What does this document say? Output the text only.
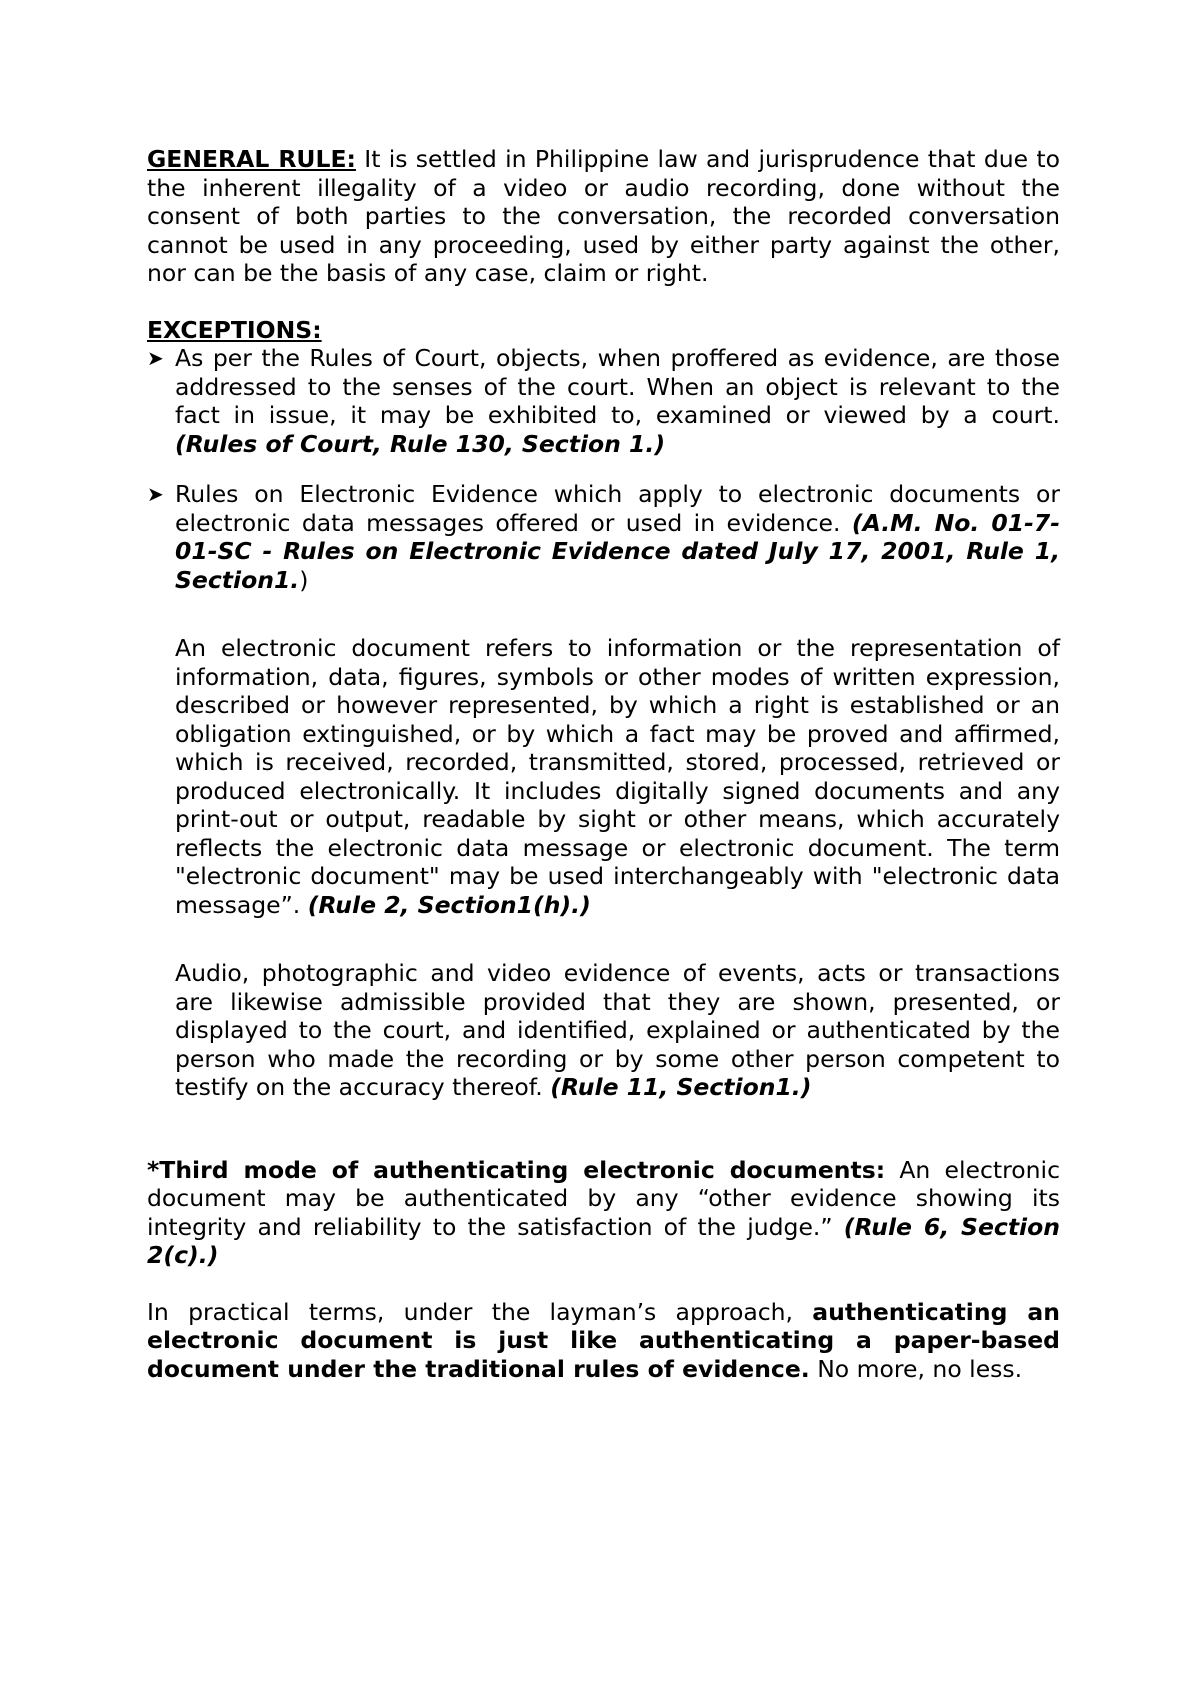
GENERAL RULE: It is settled in Philippine law and jurisprudence that due to the inherent illegality of a video or audio recording, done without the consent of both parties to the conversation, the recorded conversation cannot be used in any proceeding, used by either party against the other, nor can be the basis of any case, claim or right.

EXCEPTIONS:

➤ As per the Rules of Court, objects, when proffered as evidence, are those addressed to the senses of the court. When an object is relevant to the fact in issue, it may be exhibited to, examined or viewed by a court. (Rules of Court, Rule 130, Section 1.)

➤ Rules on Electronic Evidence which apply to electronic documents or electronic data messages offered or used in evidence. (A.M. No. 01-7-01-SC - Rules on Electronic Evidence dated July 17, 2001, Rule 1, Section1.)

An electronic document refers to information or the representation of information, data, figures, symbols or other modes of written expression, described or however represented, by which a right is established or an obligation extinguished, or by which a fact may be proved and affirmed, which is received, recorded, transmitted, stored, processed, retrieved or produced electronically. It includes digitally signed documents and any print-out or output, readable by sight or other means, which accurately reflects the electronic data message or electronic document. The term "electronic document" may be used interchangeably with "electronic data message”. (Rule 2, Section1(h).)

Audio, photographic and video evidence of events, acts or transactions are likewise admissible provided that they are shown, presented, or displayed to the court, and identified, explained or authenticated by the person who made the recording or by some other person competent to testify on the accuracy thereof. (Rule 11, Section1.)

*Third mode of authenticating electronic documents: An electronic document may be authenticated by any “other evidence showing its integrity and reliability to the satisfaction of the judge.” (Rule 6, Section 2(c).)

In practical terms, under the layman’s approach, authenticating an electronic document is just like authenticating a paper-based document under the traditional rules of evidence. No more, no less.
